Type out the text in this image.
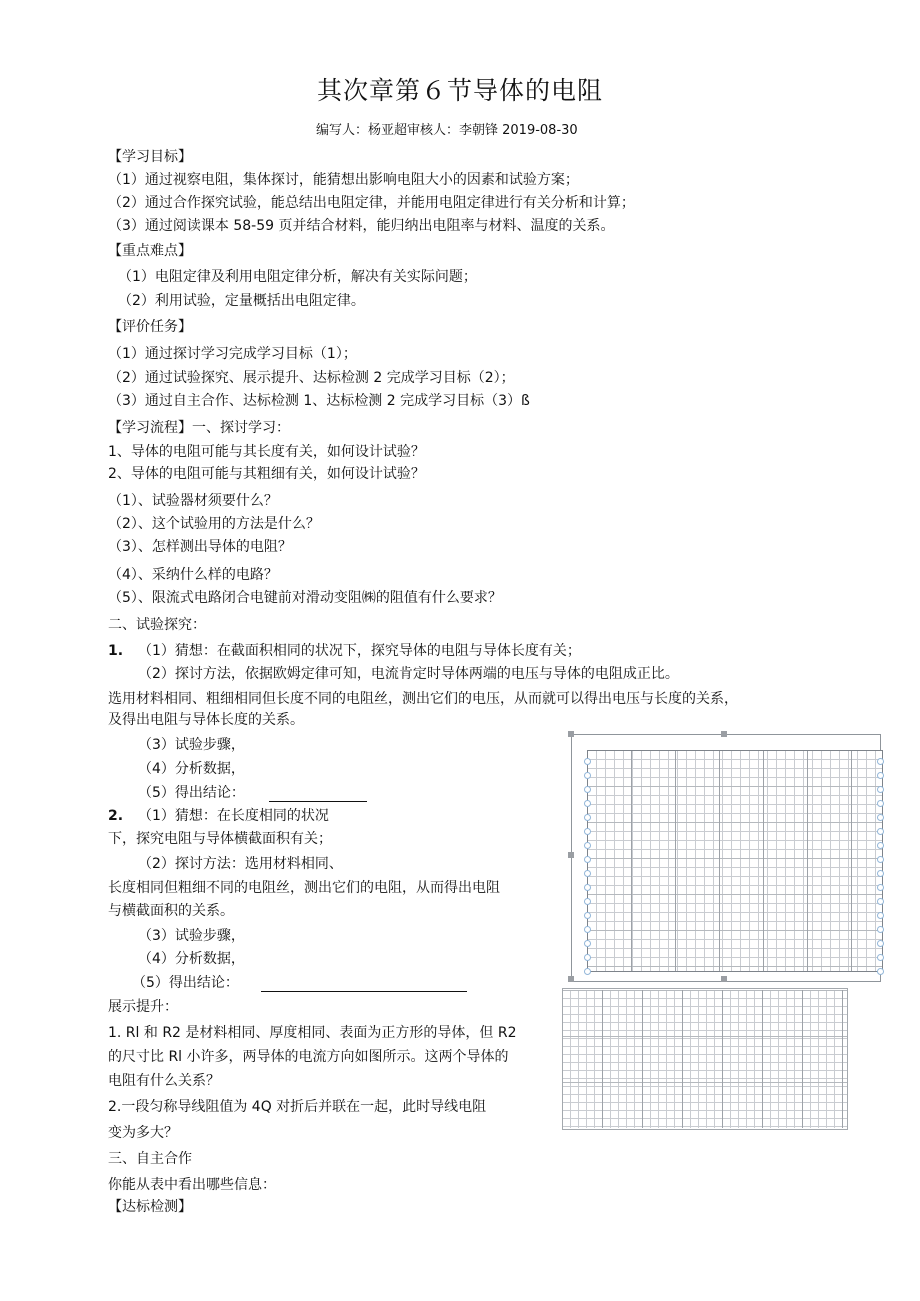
其次章第６节导体的电阻
编写人：杨亚超审核人：李朝锋 2019-08-30
【学习目标】
（1）通过视察电阻，集体探讨，能猜想出影响电阻大小的因素和试验方案；
（2）通过合作探究试验，能总结出电阻定律，并能用电阻定律进行有关分析和计算；
（3）通过阅读课本 58-59 页并结合材料，能归纳出电阻率与材料、温度的关系。
【重点难点】
（1）电阻定律及利用电阻定律分析，解决有关实际问题；
（2）利用试验，定量概括出电阻定律。
【评价任务】
（1）通过探讨学习完成学习目标（1）；
（2）通过试验探究、展示提升、达标检测 2 完成学习目标（2）；
（3）通过自主合作、达标检测 1、达标检测 2 完成学习目标（3）ß
【学习流程】一、探讨学习：
1、导体的电阻可能与其长度有关，如何设计试验？
2、导体的电阻可能与其粗细有关，如何设计试验？
（1）、试验器材须要什么？
（2）、这个试验用的方法是什么？
（3）、怎样测出导体的电阻？
（4）、采纳什么样的电路？
（5）、限流式电路闭合电键前对滑动变阻㈱的阻值有什么要求？
二、试验探究：
1. （1）猜想：在截面积相同的状况下，探究导体的电阻与导体长度有关；
（2）探讨方法，依据欧姆定律可知，电流肯定时导体两端的电压与导体的电阻成正比。
选用材料相同、粗细相同但长度不同的电阻丝，测出它们的电压，从而就可以得出电压与长度的关系，
及得出电阻与导体长度的关系。
（3）试验步骤，
（4）分析数据，
（5）得出结论：
2. （1）猜想：在长度相同的状况
下，探究电阻与导体横截面积有关；
（2）探讨方法：选用材料相同、
长度相同但粗细不同的电阻丝，测出它们的电阻，从而得出电阻
与横截面积的关系。
（3）试验步骤，
（4）分析数据，
（5）得出结论：
展示提升：
1. Rl 和 R2 是材料相同、厚度相同、表面为正方形的导体，但 R2
的尺寸比 Rl 小许多，两导体的电流方向如图所示。这两个导体的
电阻有什么关系？
2.一段匀称导线阻值为 4Q 对折后并联在一起，此时导线电阻
变为多大？
三、自主合作
你能从表中看出哪些信息：
【达标检测】
